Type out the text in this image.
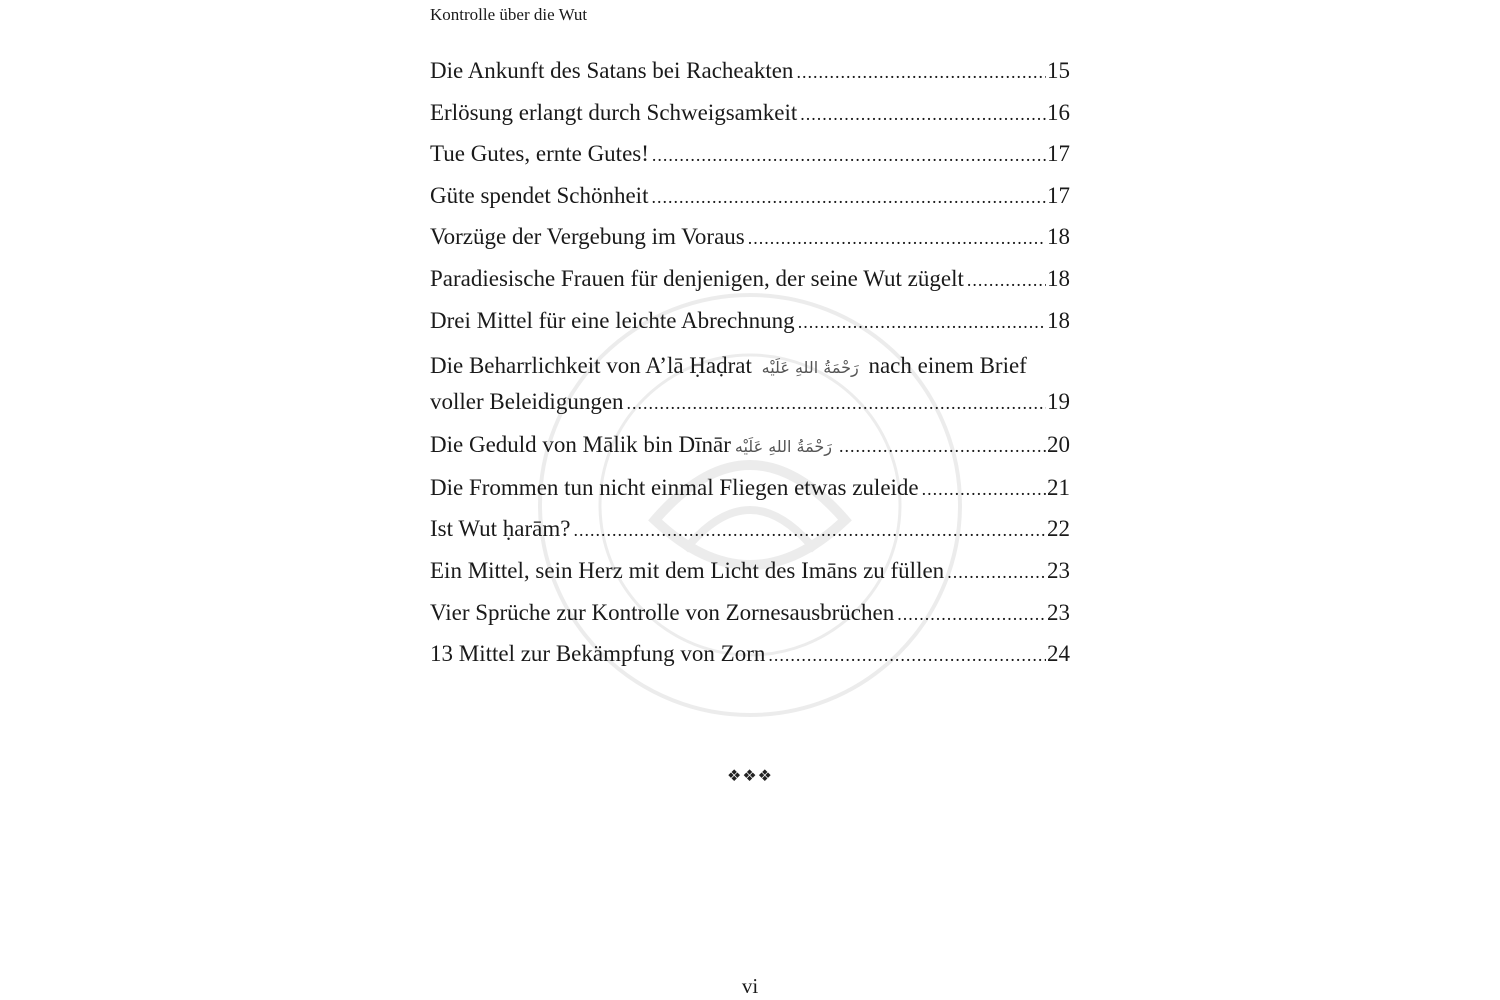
Kontrolle über die Wut
Die Ankunft des Satans bei Racheakten .....	15
Erlösung erlangt durch Schweigsamkeit .....	16
Tue Gutes, ernte Gutes! .....	17
Güte spendet Schönheit .....	17
Vorzüge der Vergebung im Voraus .....	18
Paradiesische Frauen für denjenigen, der seine Wut zügelt .....	18
Drei Mittel für eine leichte Abrechnung .....	18
Die Beharrlichkeit von A’lā Ḥaḍrat رَحْمَةُ اللهِ عَلَيْه nach einem Brief
voller Beleidigungen .....	19
Die Geduld von Mālik bin Dīnār رَحْمَةُ اللهِ عَلَيْه .....	20
Die Frommen tun nicht einmal Fliegen etwas zuleide .....	21
Ist Wut ḥarām? .....	22
Ein Mittel, sein Herz mit dem Licht des Imāns zu füllen .....	23
Vier Sprüche zur Kontrolle von Zornesausbrüchen .....	23
13 Mittel zur Bekämpfung von Zorn .....	24
❖❖❖
vi
